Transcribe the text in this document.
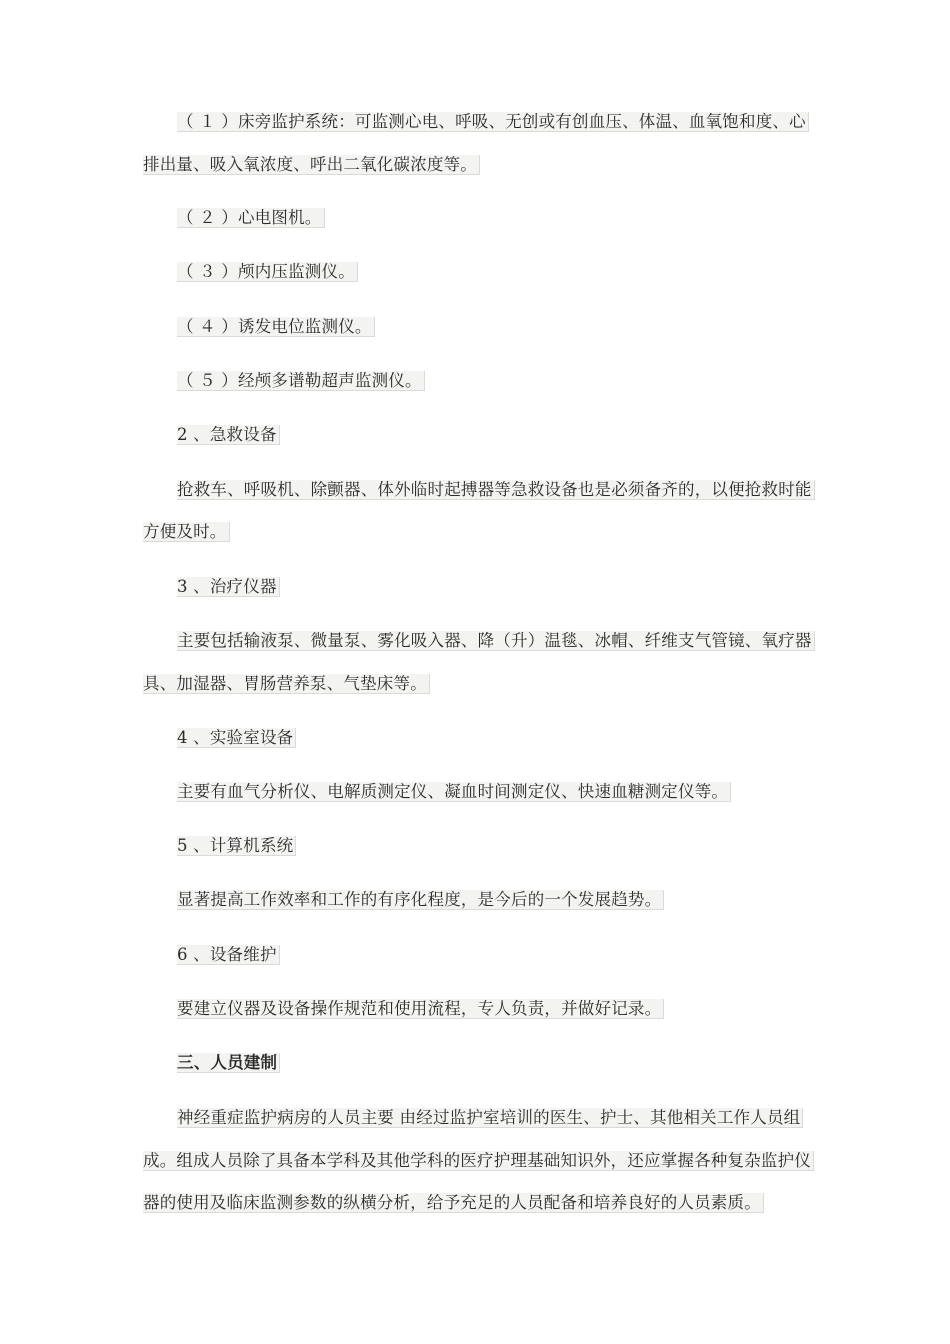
（ １ ）床旁监护系统：可监测心电、呼吸、无创或有创血压、体温、血氧饱和度、心
排出量、吸入氧浓度、呼出二氧化碳浓度等。
（ ２ ）心电图机。
（ ３ ）颅内压监测仪。
（ ４ ）诱发电位监测仪。
（ ５ ）经颅多谱勒超声监测仪。
2 、急救设备
抢救车、呼吸机、除颤器、体外临时起搏器等急救设备也是必须备齐的，以便抢救时能
方便及时。
3 、治疗仪器
主要包括输液泵、微量泵、雾化吸入器、降（升）温毯、冰帽、纤维支气管镜、氧疗器
具、加湿器、胃肠营养泵、气垫床等。
4 、实验室设备
主要有血气分析仪、电解质测定仪、凝血时间测定仪、快速血糖测定仪等。
5 、计算机系统
显著提高工作效率和工作的有序化程度，是今后的一个发展趋势。
6 、设备维护
要建立仪器及设备操作规范和使用流程，专人负责，并做好记录。
三、人员建制
神经重症监护病房的人员主要 由经过监护室培训的医生、护士、其他相关工作人员组
成。组成人员除了具备本学科及其他学科的医疗护理基础知识外，还应掌握各种复杂监护仪
器的使用及临床监测参数的纵横分析，给予充足的人员配备和培养良好的人员素质。
